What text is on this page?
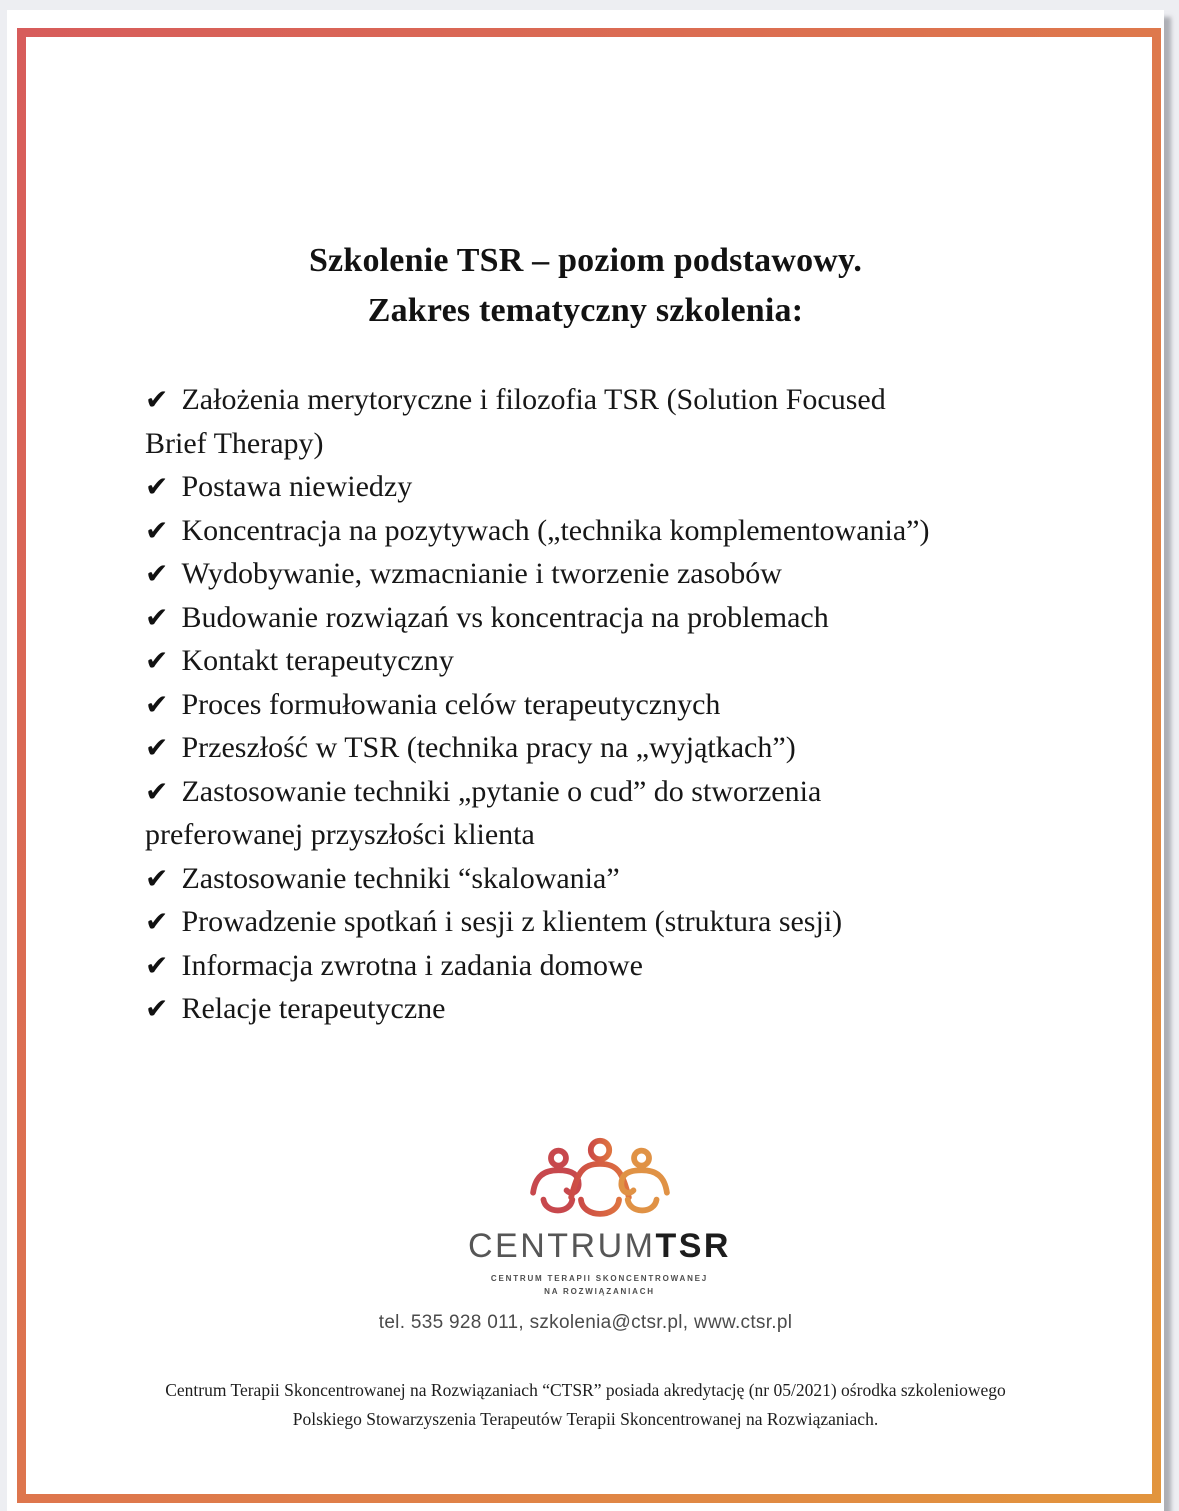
Szkolenie TSR – poziom podstawowy.
Zakres tematyczny szkolenia:

✔ Założenia merytoryczne i filozofia TSR (Solution Focused
Brief Therapy)

✔ Postawa niewiedzy

✔ Koncentracja na pozytywach („technika komplementowania”)

✔ Wydobywanie, wzmacnianie i tworzenie zasobów

✔ Budowanie rozwiązań vs koncentracja na problemach

✔ Kontakt terapeutyczny

✔ Proces formułowania celów terapeutycznych

✔ Przeszłość w TSR (technika pracy na „wyjątkach”)

✔ Zastosowanie techniki „pytanie o cud” do stworzenia
preferowanej przyszłości klienta

✔ Zastosowanie techniki “skalowania”

✔ Prowadzenie spotkań i sesji z klientem (struktura sesji)

✔ Informacja zwrotna i zadania domowe

✔ Relacje terapeutyczne

CENTRUMTSR
CENTRUM TERAPII SKONCENTROWANEJ
NA ROZWIĄZANIACH
tel. 535 928 011, szkolenia@ctsr.pl, www.ctsr.pl
Centrum Terapii Skoncentrowanej na Rozwiązaniach “CTSR” posiada akredytację (nr 05/2021) ośrodka szkoleniowego
Polskiego Stowarzyszenia Terapeutów Terapii Skoncentrowanej na Rozwiązaniach.
